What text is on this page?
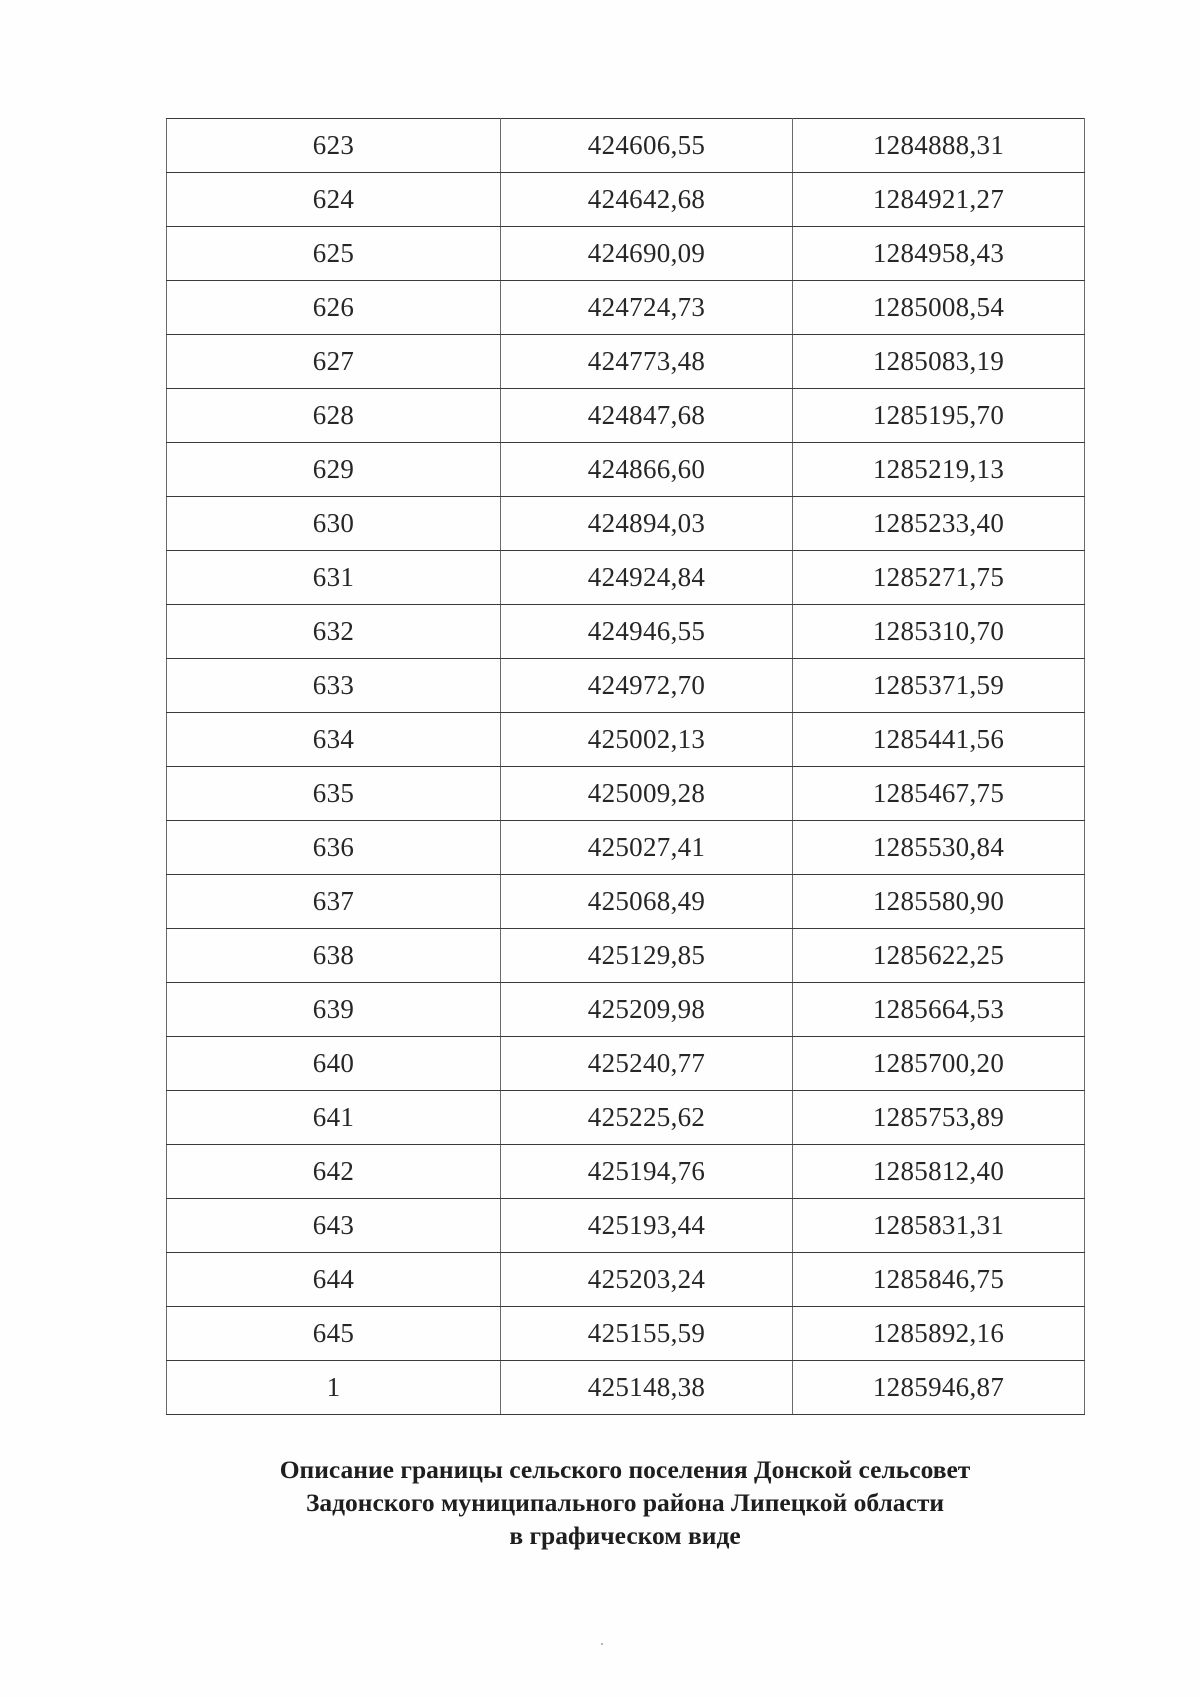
623	424606,55	1284888,31
624	424642,68	1284921,27
625	424690,09	1284958,43
626	424724,73	1285008,54
627	424773,48	1285083,19
628	424847,68	1285195,70
629	424866,60	1285219,13
630	424894,03	1285233,40
631	424924,84	1285271,75
632	424946,55	1285310,70
633	424972,70	1285371,59
634	425002,13	1285441,56
635	425009,28	1285467,75
636	425027,41	1285530,84
637	425068,49	1285580,90
638	425129,85	1285622,25
639	425209,98	1285664,53
640	425240,77	1285700,20
641	425225,62	1285753,89
642	425194,76	1285812,40
643	425193,44	1285831,31
644	425203,24	1285846,75
645	425155,59	1285892,16
1	425148,38	1285946,87
Описание границы сельского поселения Донской сельсовет
Задонского муниципального района Липецкой области
в графическом виде
